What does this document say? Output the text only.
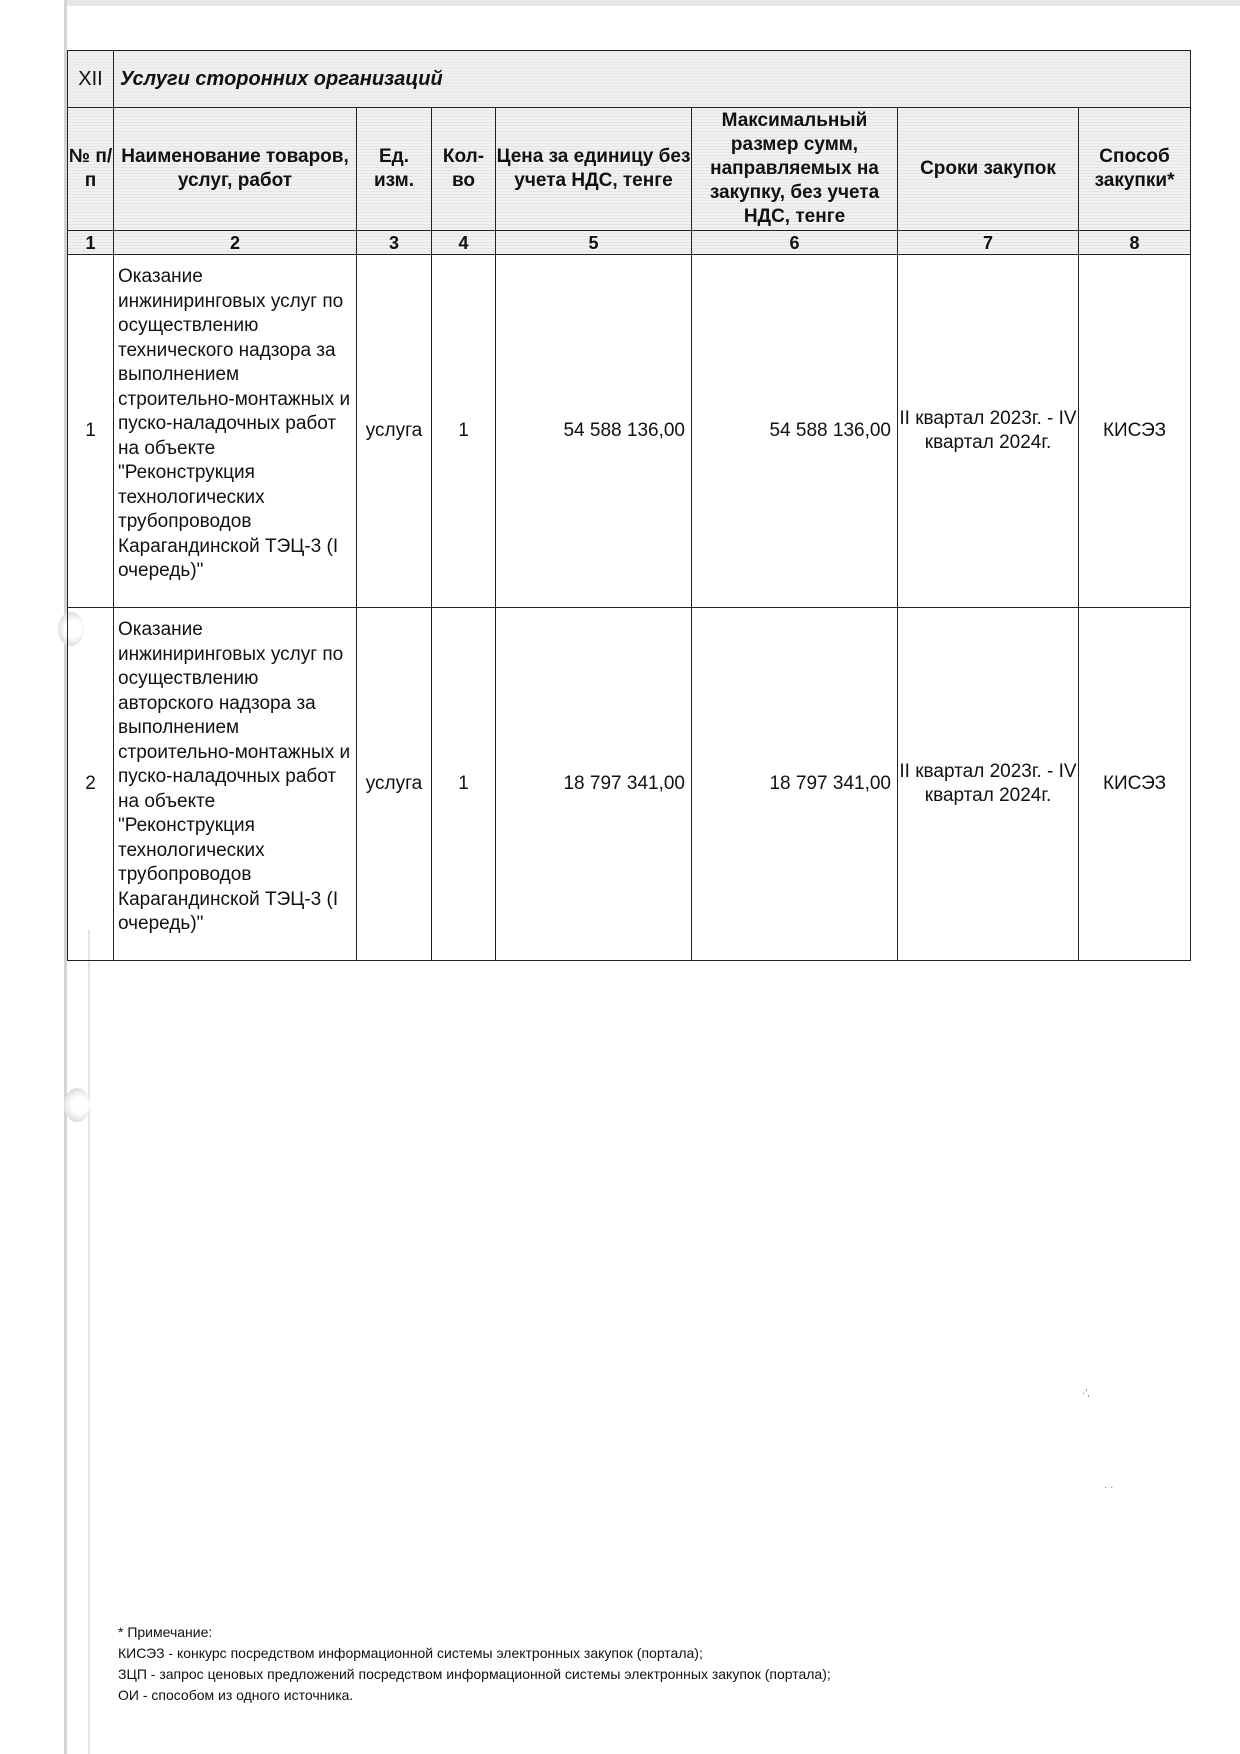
·',
· ·
XII	Услуги сторонних организаций						
№ п/п	Наименование товаров, услуг, работ	Ед. изм.	Кол-во	Цена за единицу без учета НДС, тенге	Максимальный размер сумм, направляемых на закупку, без учета НДС, тенге	Сроки закупок	Способ закупки*
1	2	3	4	5	6	7	8
1	Оказание инжиниринговых услуг по осуществлению технического надзора за выполнением строительно-монтажных и пуско-наладочных работ на объекте "Реконструкция технологических трубопроводов Карагандинской ТЭЦ-3 (I очередь)"	услуга	1	54 588 136,00	54 588 136,00	II квартал 2023г. - IV квартал 2024г.	КИСЭЗ
2	Оказание инжиниринговых услуг по осуществлению авторского надзора за выполнением строительно-монтажных и пуско-наладочных работ на объекте "Реконструкция технологических трубопроводов Карагандинской ТЭЦ-3 (I очередь)"	услуга	1	18 797 341,00	18 797 341,00	II квартал 2023г. - IV квартал 2024г.	КИСЭЗ
* Примечание:
КИСЭЗ - конкурс посредством информационной системы электронных закупок (портала);
ЗЦП - запрос ценовых предложений посредством информационной системы электронных закупок (портала);
ОИ - способом из одного источника.
